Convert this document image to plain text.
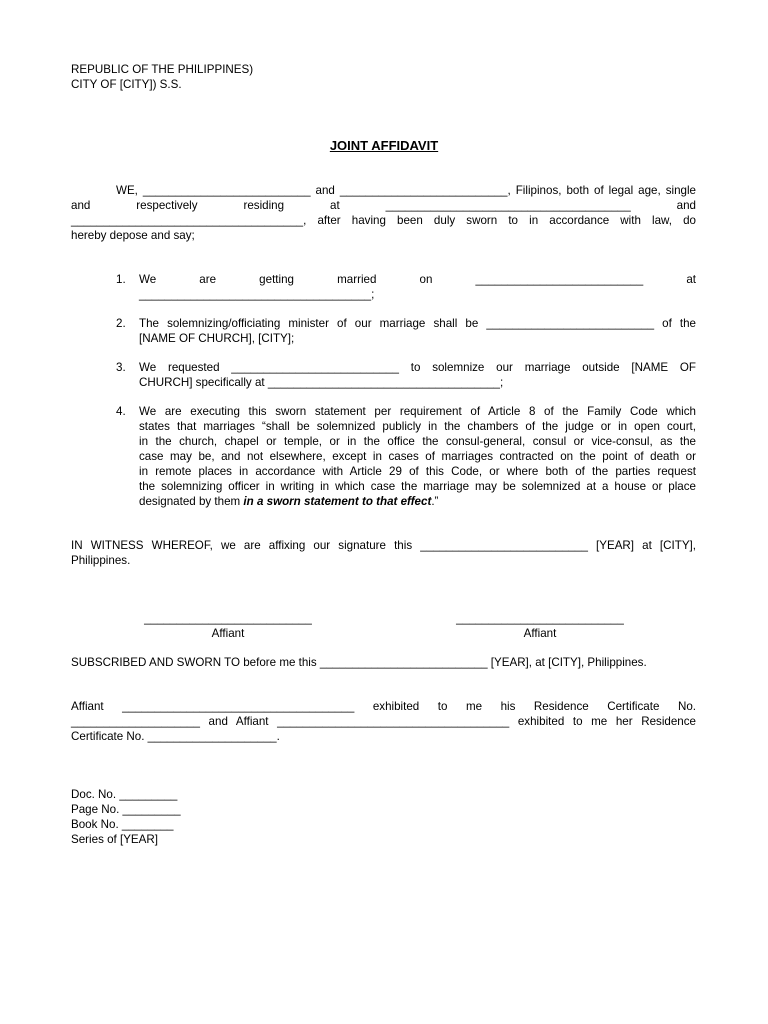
REPUBLIC OF THE PHILIPPINES)
CITY OF [CITY]) S.S.
JOINT AFFIDAVIT
WE, __________________________ and __________________________, Filipinos, both of legal age, single
and respectively residing at ______________________________________ and
____________________________________, after having been duly sworn to in accordance with law, do
hereby depose and say;
1.	We are getting married on __________________________ at
____________________________________;
2.	The solemnizing/officiating minister of our marriage shall be __________________________ of the
[NAME OF CHURCH], [CITY];
3.	We requested __________________________ to solemnize our marriage outside [NAME OF
CHURCH] specifically at ____________________________________;
4.	We are executing this sworn statement per requirement of Article 8 of the Family Code which
states that marriages “shall be solemnized publicly in the chambers of the judge or in open court,
in the church, chapel or temple, or in the office the consul-general, consul or vice-consul, as the
case may be, and not elsewhere, except in cases of marriages contracted on the point of death or
in remote places in accordance with Article 29 of this Code, or where both of the parties request
the solemnizing officer in writing in which case the marriage may be solemnized at a house or place
designated by them in a sworn statement to that effect.”
IN WITNESS WHEREOF, we are affixing our signature this __________________________ [YEAR] at [CITY],
Philippines.
__________________________
Affiant
__________________________
Affiant
SUBSCRIBED AND SWORN TO before me this __________________________ [YEAR], at [CITY], Philippines.
Affiant ____________________________________ exhibited to me his Residence Certificate No.
____________________ and Affiant ____________________________________ exhibited to me her Residence
Certificate No. ____________________.
Doc. No. _________
Page No. _________
Book No. ________
Series of [YEAR]
